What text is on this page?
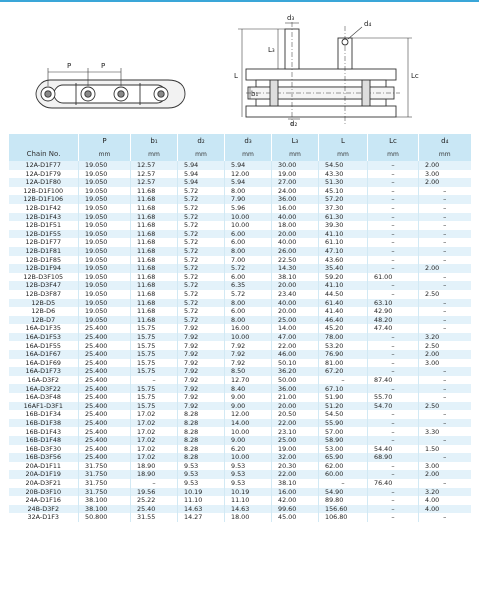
P	P
d₃
d₄
L₃
L
b₁
d₂
Lc
	P	b₁	d₂	d₃	L₃	L	Lc	d₄
Chain No.	mm	mm	mm	mm	mm	mm	mm	mm
12A-D1F77	19.050	12.57	5.94	5.94	30.00	54.50	–	2.00
12A-D1F79	19.050	12.57	5.94	12.00	19.00	43.30	–	3.00
12A-D1F80	19.050	12.57	5.94	5.94	27.00	51.30	–	2.00
12B-D1F100	19.050	11.68	5.72	8.00	24.00	45.10	–	–
12B-D1F106	19.050	11.68	5.72	7.90	36.00	57.20	–	–
12B-D1F42	19.050	11.68	5.72	5.96	16.00	37.30	–	–
12B-D1F43	19.050	11.68	5.72	10.00	40.00	61.30	–	–
12B-D1F51	19.050	11.68	5.72	10.00	18.00	39.30	–	–
12B-D1F55	19.050	11.68	5.72	6.00	20.00	41.10	–	–
12B-D1F77	19.050	11.68	5.72	6.00	40.00	61.10	–	–
12B-D1F81	19.050	11.68	5.72	8.00	26.00	47.10	–	–
12B-D1F85	19.050	11.68	5.72	7.00	22.50	43.60	–	–
12B-D1F94	19.050	11.68	5.72	5.72	14.30	35.40	–	2.00
12B-D3F105	19.050	11.68	5.72	6.00	38.10	59.20	61.00	–
12B-D3F47	19.050	11.68	5.72	6.35	20.00	41.10	–	–
12B-D3F87	19.050	11.68	5.72	5.72	23.40	44.50	–	2.50
12B-D5	19.050	11.68	5.72	8.00	40.00	61.40	63.10	–
12B-D6	19.050	11.68	5.72	6.00	20.00	41.40	42.90	–
12B-D7	19.050	11.68	5.72	8.00	25.00	46.40	48.20	–
16A-D1F35	25.400	15.75	7.92	16.00	14.00	45.20	47.40	–
16A-D1F53	25.400	15.75	7.92	10.00	47.00	78.00	–	3.20
16A-D1F55	25.400	15.75	7.92	7.92	22.00	53.20	–	2.50
16A-D1F67	25.400	15.75	7.92	7.92	46.00	76.90	–	2.00
16A-D1F69	25.400	15.75	7.92	7.92	50.10	81.00	–	3.00
16A-D1F73	25.400	15.75	7.92	8.50	36.20	67.20	–	–
16A-D3F2	25.400	–	7.92	12.70	50.00	–	87.40	–
16A-D3F22	25.400	15.75	7.92	8.40	36.00	67.10	–	–
16A-D3F48	25.400	15.75	7.92	9.00	21.00	51.90	55.70	–
16AF1-D3F1	25.400	15.75	7.92	9.00	20.00	51.20	54.70	2.50
16B-D1F34	25.400	17.02	8.28	12.00	20.50	54.50	–	–
16B-D1F38	25.400	17.02	8.28	14.00	22.00	55.90	–	–
16B-D1F43	25.400	17.02	8.28	10.00	23.10	57.00	–	3.30
16B-D1F48	25.400	17.02	8.28	9.00	25.00	58.90	–	–
16B-D3F30	25.400	17.02	8.28	6.20	19.00	53.00	54.40	1.50
16B-D3F56	25.400	17.02	8.28	10.00	32.00	65.90	68.90	–
20A-D1F11	31.750	18.90	9.53	9.53	20.30	62.00	–	3.00
20A-D1F19	31.750	18.90	9.53	9.53	22.00	60.00	–	2.00
20A-D3F21	31.750	–	9.53	9.53	38.10	–	76.40	–
20B-D3F10	31.750	19.56	10.19	10.19	16.00	54.90	–	3.20
24A-D1F16	38.100	25.22	11.10	11.10	42.00	89.80	–	4.00
24B-D3F2	38.100	25.40	14.63	14.63	99.60	156.60	–	4.00
32A-D1F3	50.800	31.55	14.27	18.00	45.00	106.80	–	–
